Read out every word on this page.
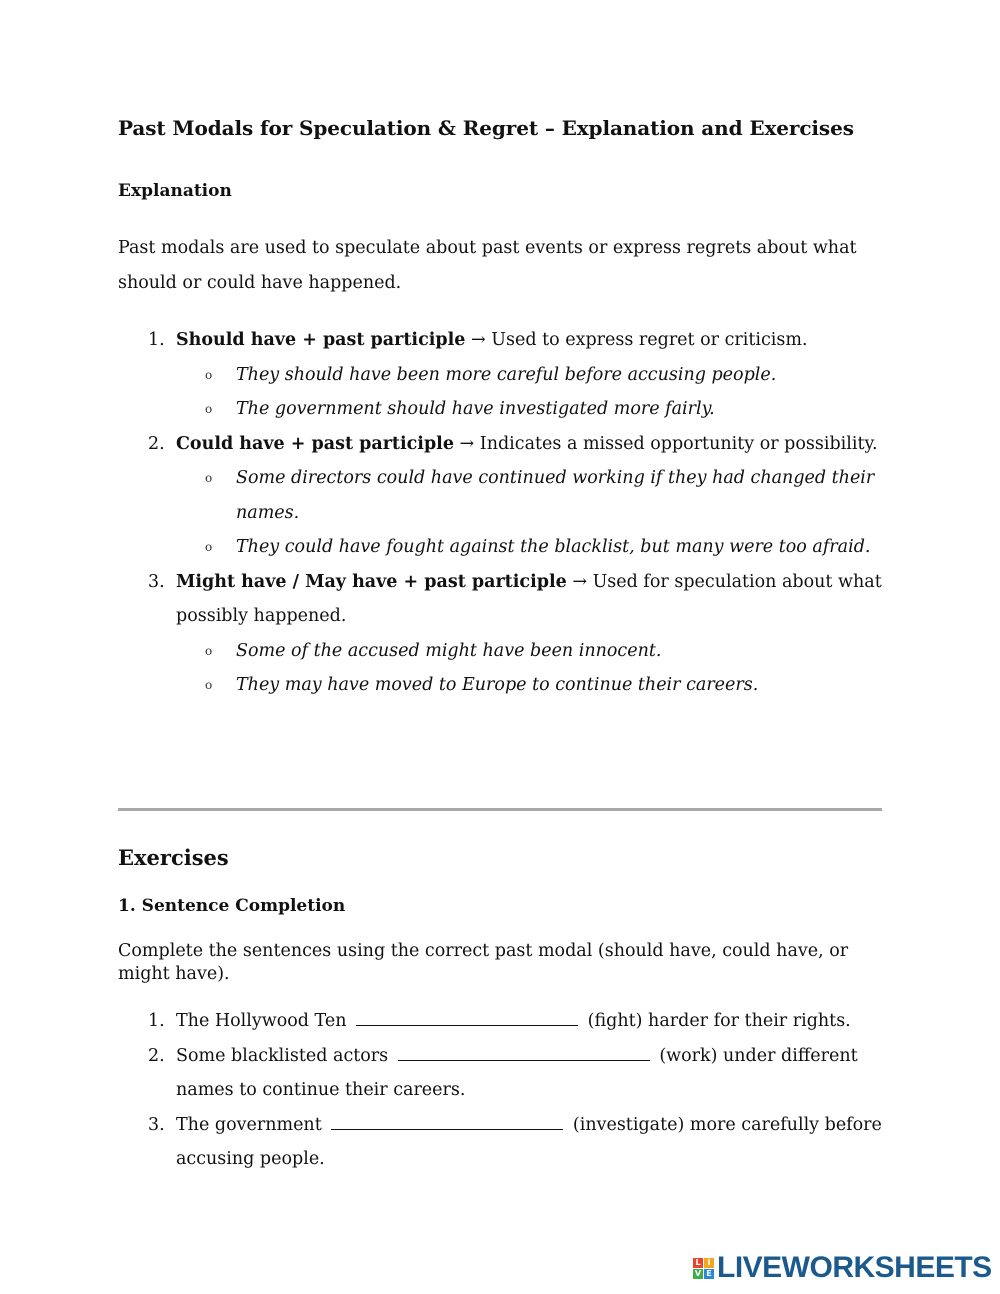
Past Modals for Speculation & Regret – Explanation and Exercises
Explanation

Past modals are used to speculate about past events or express regrets about what should or could have happened.

1. Should have + past participle → Used to express regret or criticism.
o They should have been more careful before accusing people.
o The government should have investigated more fairly.
2. Could have + past participle → Indicates a missed opportunity or possibility.
o Some directors could have continued working if they had changed their names.
o They could have fought against the blacklist, but many were too afraid.
3. Might have / May have + past participle → Used for speculation about what possibly happened.
o Some of the accused might have been innocent.
o They may have moved to Europe to continue their careers.
Exercises
1. Sentence Completion

Complete the sentences using the correct past modal (should have, could have, or might have).

1. The Hollywood Ten	(fight) harder for their rights.
2. Some blacklisted actors	(work) under different names to continue their careers.
3. The government	(investigate) more carefully before accusing people.
L I
V E LIVEWORKSHEETS
